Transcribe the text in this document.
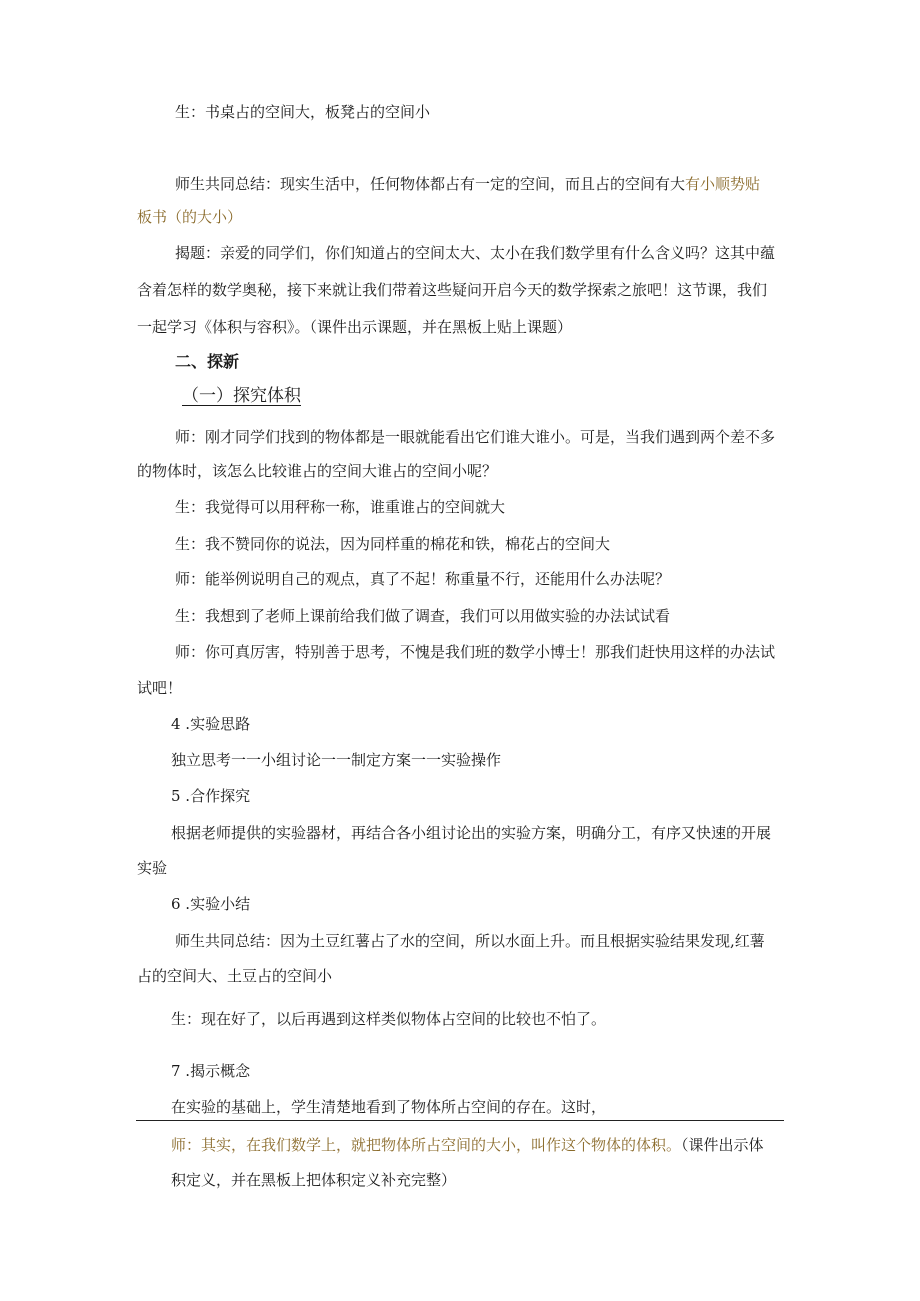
生：书桌占的空间大，板凳占的空间小
师生共同总结：现实生活中，任何物体都占有一定的空间，而且占的空间有大有小顺势贴
板书（的大小）
揭题：亲爱的同学们，你们知道占的空间太大、太小在我们数学里有什么含义吗？这其中蕴
含着怎样的数学奥秘，接下来就让我们带着这些疑问开启今天的数学探索之旅吧！这节课，我们
一起学习《体积与容积》。（课件出示课题，并在黑板上贴上课题）
二、探新
（一）探究体积
师：刚才同学们找到的物体都是一眼就能看出它们谁大谁小。可是，当我们遇到两个差不多
的物体时，该怎么比较谁占的空间大谁占的空间小呢？
生：我觉得可以用秤称一称，谁重谁占的空间就大
生：我不赞同你的说法，因为同样重的棉花和铁，棉花占的空间大
师：能举例说明自己的观点，真了不起！称重量不行，还能用什么办法呢？
生：我想到了老师上课前给我们做了调查，我们可以用做实验的办法试试看
师：你可真厉害，特别善于思考，不愧是我们班的数学小博士！那我们赶快用这样的办法试
试吧！
4 .实验思路
独立思考一一小组讨论一一制定方案一一实验操作
5 .合作探究
根据老师提供的实验器材，再结合各小组讨论出的实验方案，明确分工，有序又快速的开展
实验
6 .实验小结
师生共同总结：因为土豆红薯占了水的空间，所以水面上升。而且根据实验结果发现,红薯
占的空间大、土豆占的空间小
生：现在好了，以后再遇到这样类似物体占空间的比较也不怕了。
7 .揭示概念
在实验的基础上，学生清楚地看到了物体所占空间的存在。这时，
师：其实，在我们数学上，就把物体所占空间的大小，叫作这个物体的体积。（课件出示体
积定义，并在黑板上把体积定义补充完整）
